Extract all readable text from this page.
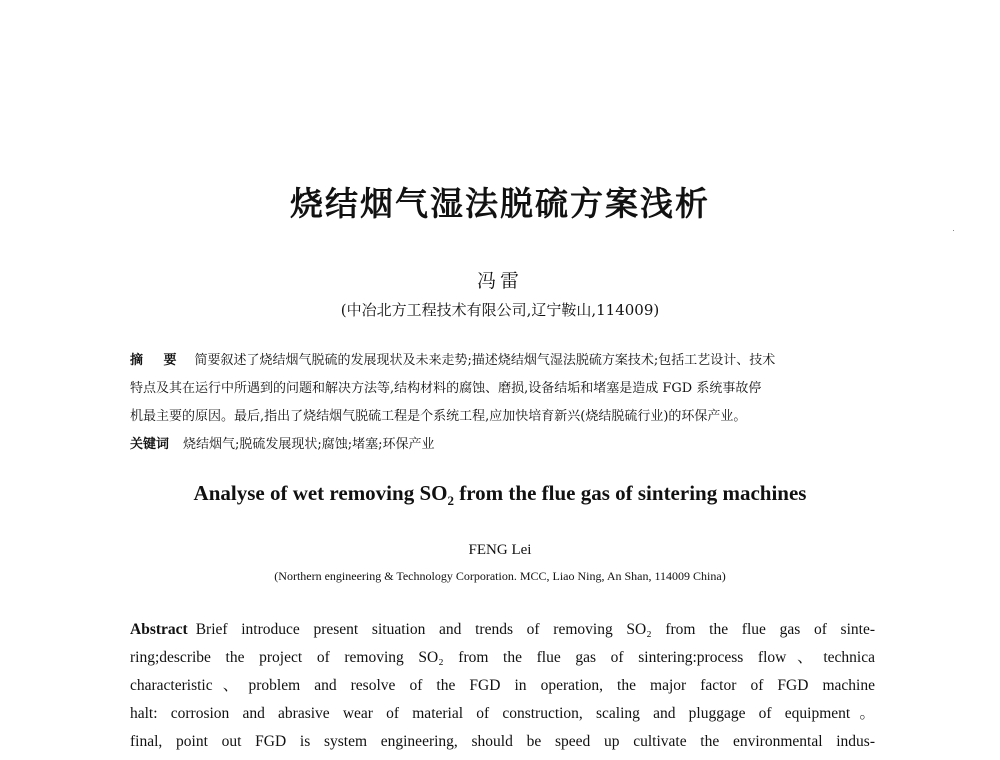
烧结烟气湿法脱硫方案浅析
冯雷
(中冶北方工程技术有限公司,辽宁鞍山,114009)
摘 要 简要叙述了烧结烟气脱硫的发展现状及未来走势;描述烧结烟气湿法脱硫方案技术;包括工艺设计、技术
特点及其在运行中所遇到的问题和解决方法等,结构材料的腐蚀、磨损,设备结垢和堵塞是造成 FGD 系统事故停
机最主要的原因。最后,指出了烧结烟气脱硫工程是个系统工程,应加快培育新兴(烧结脱硫行业)的环保产业。
关键词 烧结烟气;脱硫发展现状;腐蚀;堵塞;环保产业
Analyse of wet removing $SO_2$ from the flue gas of sintering machines
FENG Lei
(Northern engineering & Technology Corporation. MCC, Liao Ning, An Shan, 114009 China)
Abstract Brief introduce present situation and trends of removing SO₂ from the flue gas of sinte-
ring;describe the project of removing SO₂ from the flue gas of sintering:process flow、technica
characteristic、problem and resolve of the FGD in operation, the major factor of FGD machine
halt: corrosion and abrasive wear of material of construction, scaling and pluggage of equipment。
final, point out FGD is system engineering, should be speed up cultivate the environmental indus-
